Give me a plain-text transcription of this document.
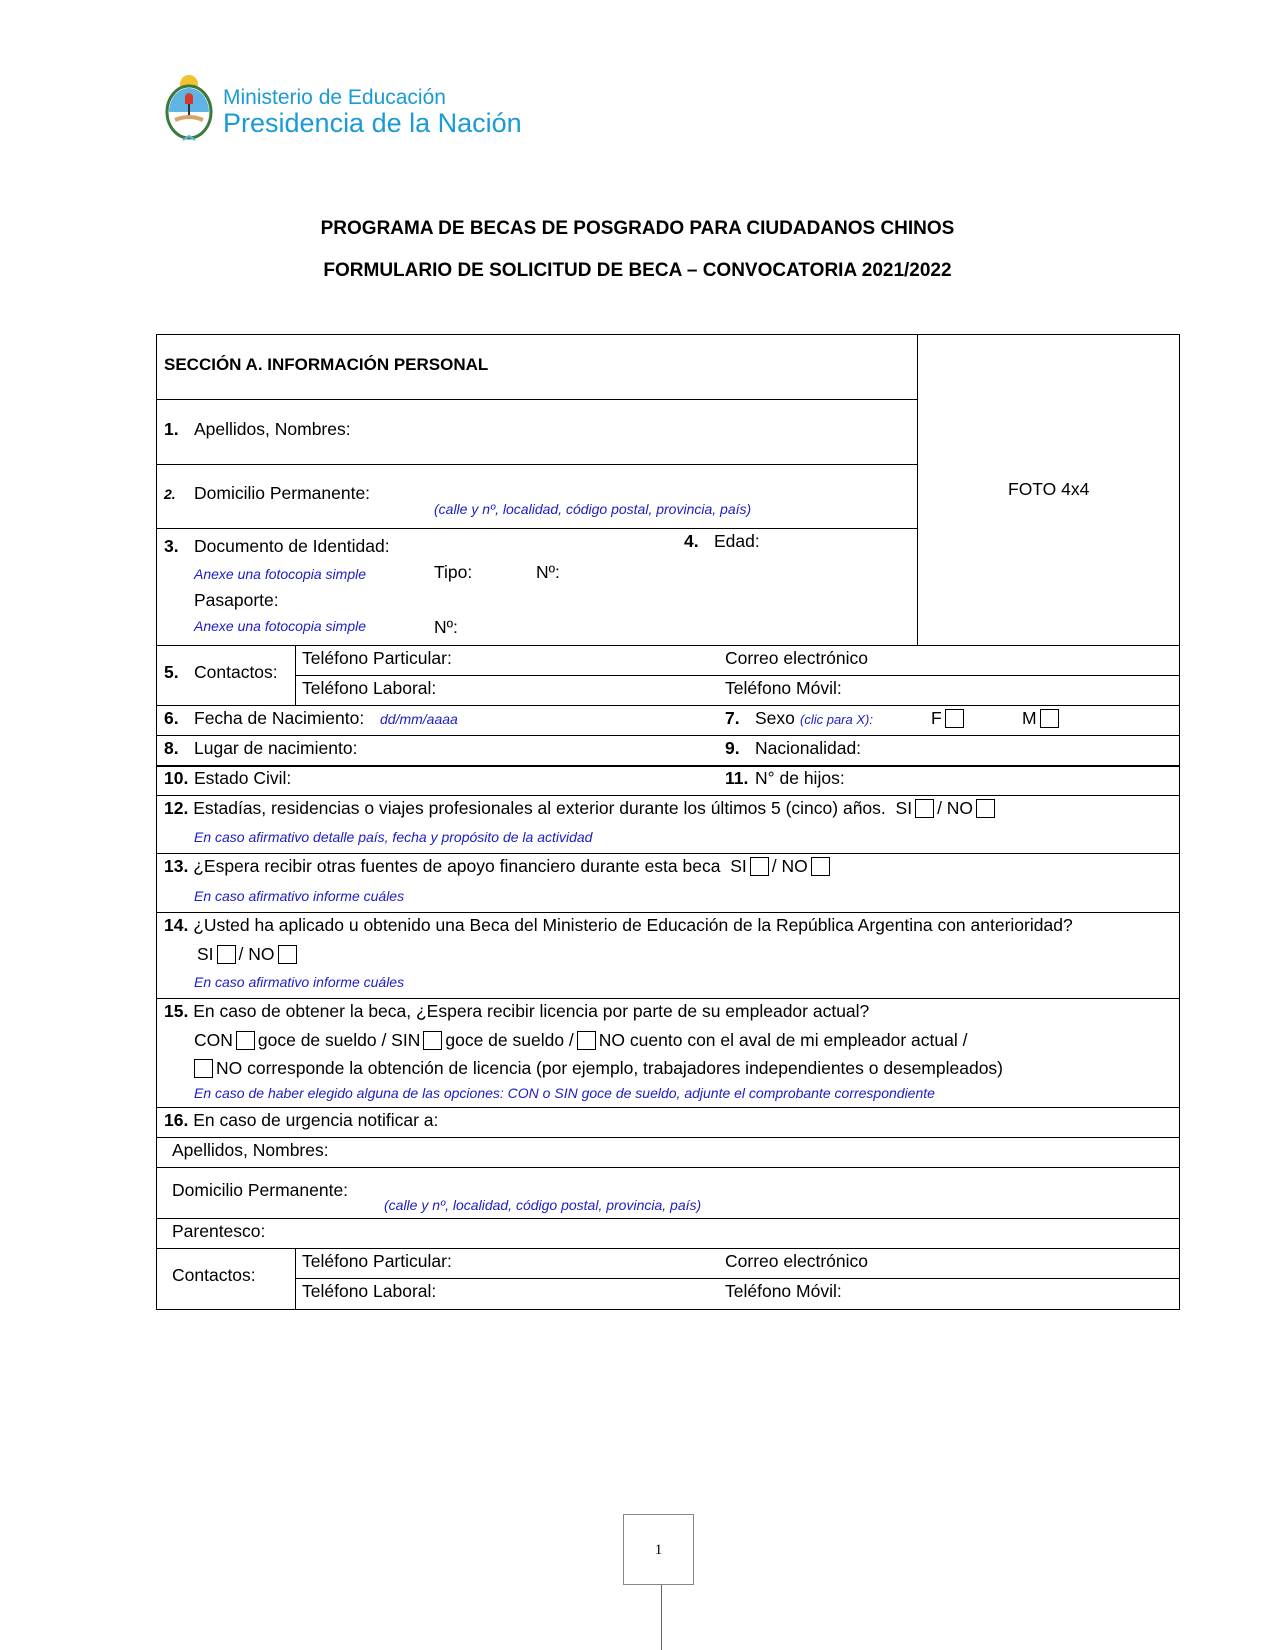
Ministerio de Educación
Presidencia de la Nación
PROGRAMA DE BECAS DE POSGRADO PARA CIUDADANOS CHINOS
FORMULARIO DE SOLICITUD DE BECA – CONVOCATORIA 2021/2022
FOTO 4x4
SECCIÓN A. INFORMACIÓN PERSONAL
1. Apellidos, Nombres:
2. Domicilio Permanente:
(calle y nº, localidad, código postal, provincia, país)
3. Documento de Identidad:
Anexe una fotocopia simple	Tipo:	Nº:
Pasaporte:
Anexe una fotocopia simple	Nº:
4. Edad:
5. Contactos:
Teléfono Particular:	Correo electrónico
Teléfono Laboral:	Teléfono Móvil:
6. Fecha de Nacimiento: dd/mm/aaaa	7. Sexo (clic para X):	F	M
8. Lugar de nacimiento:	9. Nacionalidad:
10. Estado Civil:	11. N° de hijos:
12. Estadías, residencias o viajes profesionales al exterior durante los últimos 5 (cinco) años. SI / NO
En caso afirmativo detalle país, fecha y propósito de la actividad
13. ¿Espera recibir otras fuentes de apoyo financiero durante esta beca SI / NO
En caso afirmativo informe cuáles
14. ¿Usted ha aplicado u obtenido una Beca del Ministerio de Educación de la República Argentina con anterioridad?
SI / NO
En caso afirmativo informe cuáles
15. En caso de obtener la beca, ¿Espera recibir licencia por parte de su empleador actual?
CON goce de sueldo / SIN goce de sueldo / NO cuento con el aval de mi empleador actual /
NO corresponde la obtención de licencia (por ejemplo, trabajadores independientes o desempleados)
En caso de haber elegido alguna de las opciones: CON o SIN goce de sueldo, adjunte el comprobante correspondiente
16. En caso de urgencia notificar a:
Apellidos, Nombres:
Domicilio Permanente:
(calle y nº, localidad, código postal, provincia, país)
Parentesco:
Contactos:
Teléfono Particular:	Correo electrónico
Teléfono Laboral:	Teléfono Móvil:
1
